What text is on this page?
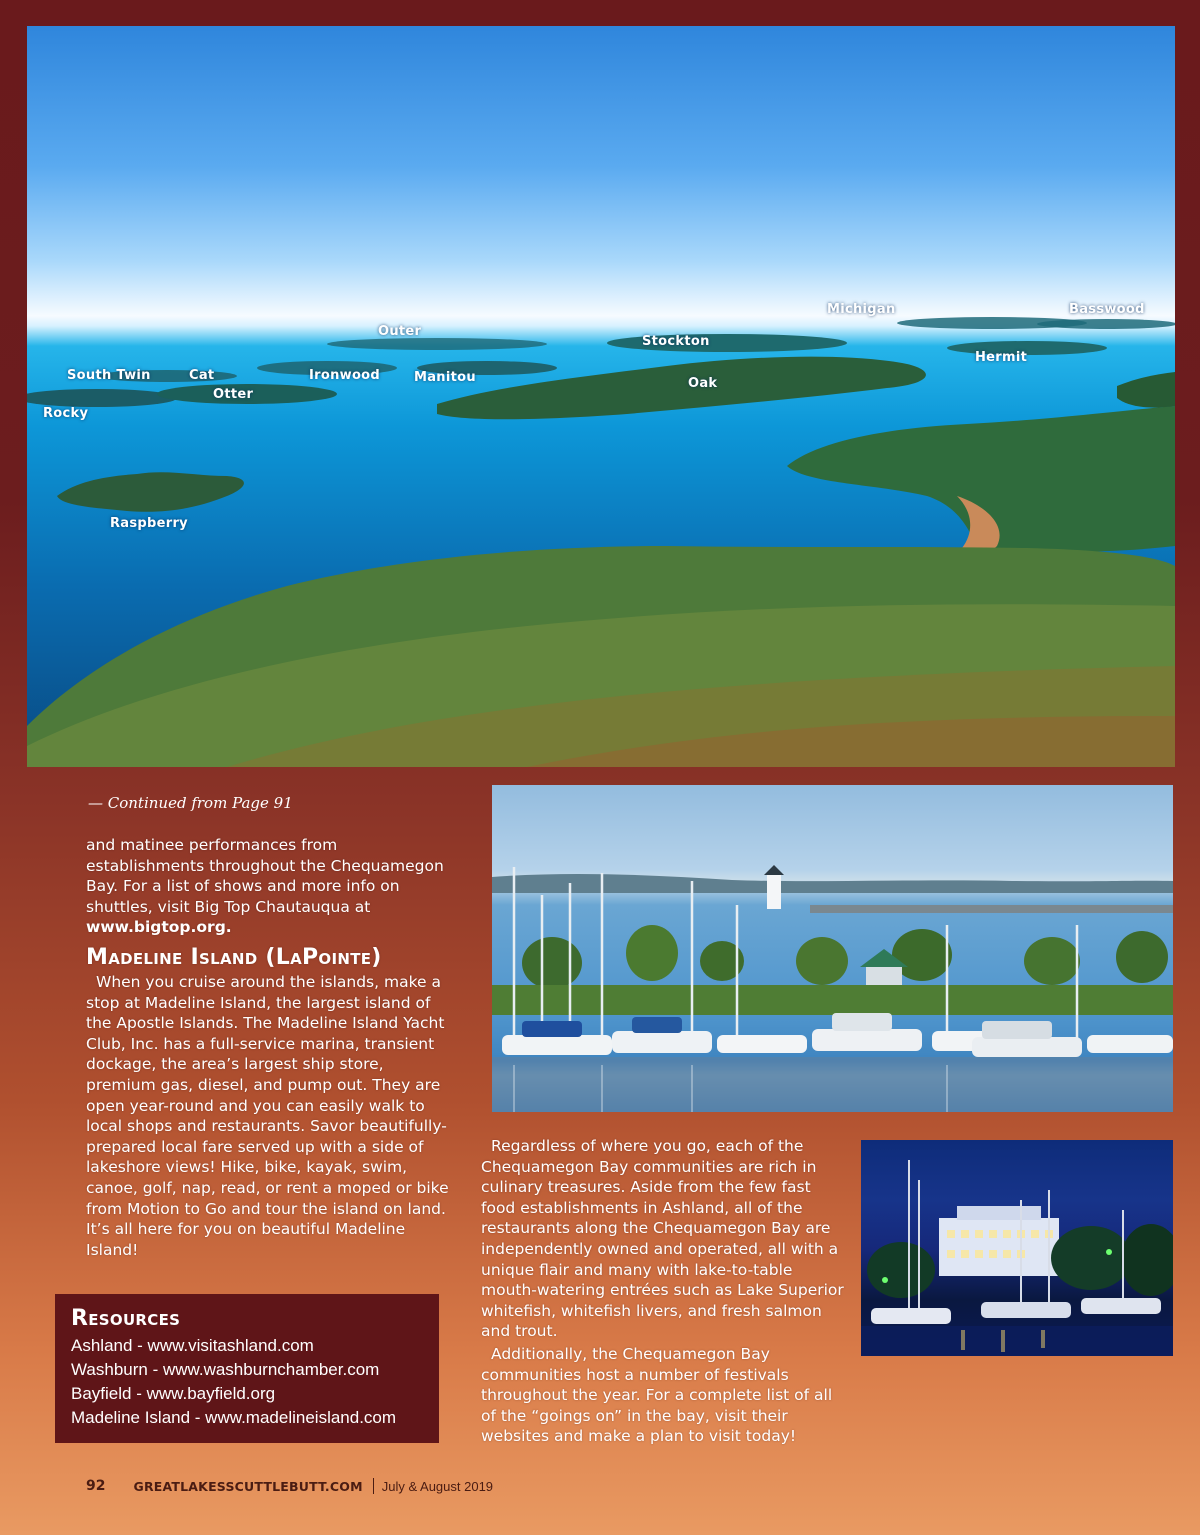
Michigan	Basswood
Outer
Stockton
Hermit
South Twin	Cat	Ironwood	Manitou	Oak
Otter
Rocky
Raspberry
— Continued from Page 91

and matinee performances from establishments throughout the Chequamegon Bay. For a list of shows and more info on shuttles, visit Big Top Chautauqua at www.bigtop.org.

Madeline Island (LaPointe)

When you cruise around the islands, make a stop at Madeline Island, the largest island of the Apostle Islands. The Madeline Island Yacht Club, Inc. has a full-service marina, transient dockage, the area’s largest ship store, premium gas, diesel, and pump out. They are open year-round and you can easily walk to local shops and restaurants. Savor beautifully-prepared local fare served up with a side of lakeshore views! Hike, bike, kayak, swim, canoe, golf, nap, read, or rent a moped or bike from Motion to Go and tour the island on land. It’s all here for you on beautiful Madeline Island!

Resources
Ashland - www.visitashland.com
Washburn - www.washburnchamber.com
Bayfield - www.bayfield.org
Madeline Island - www.madelineisland.com

Regardless of where you go, each of the Chequamegon Bay communities are rich in culinary treasures. Aside from the few fast food establishments in Ashland, all of the restaurants along the Chequamegon Bay are independently owned and operated, all with a unique flair and many with lake-to-table mouth-watering entrées such as Lake Superior whitefish, whitefish livers, and fresh salmon and trout.

Additionally, the Chequamegon Bay communities host a number of festivals throughout the year. For a complete list of all of the “goings on” in the bay, visit their websites and make a plan to visit today!

92 GREATLAKESSCUTTLEBUTT.COM July & August 2019
